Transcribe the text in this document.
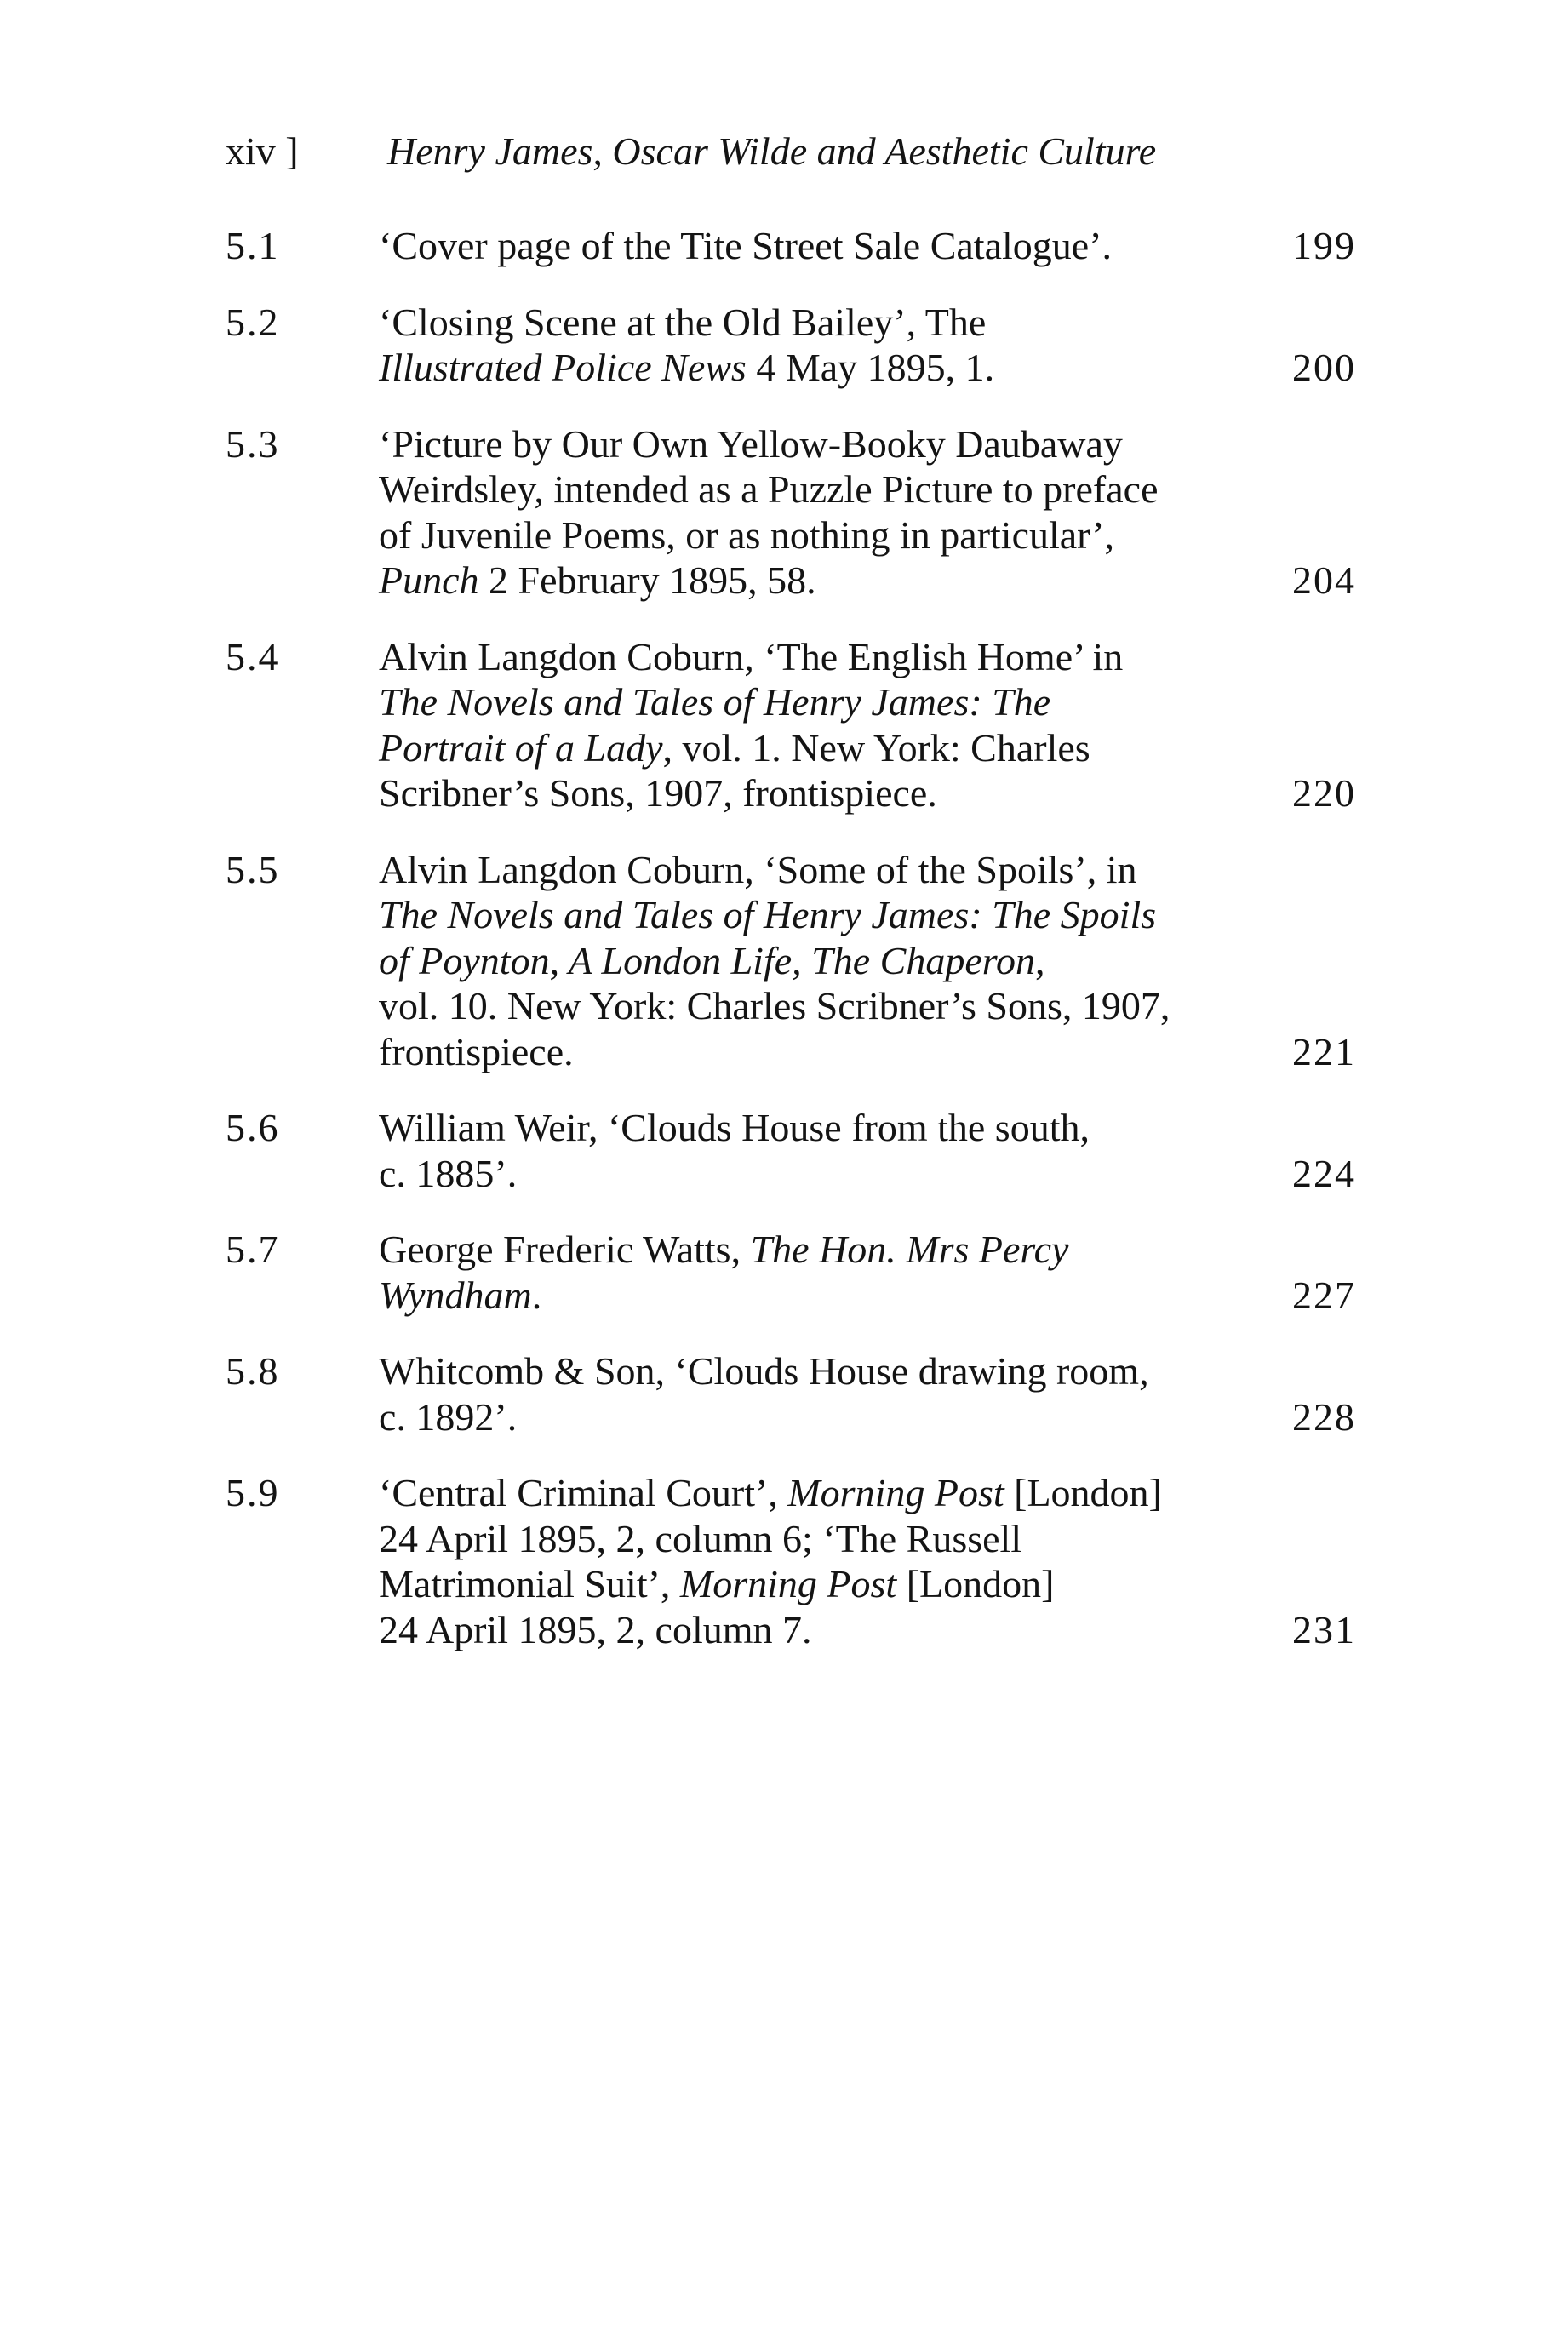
xiv ] Henry James, Oscar Wilde and Aesthetic Culture
5.1	‘Cover page of the Tite Street Sale Catalogue’.	199
5.2	‘Closing Scene at the Old Bailey’, The
Illustrated Police News 4 May 1895, 1.	200
5.3	‘Picture by Our Own Yellow-Booky Daubaway
Weirdsley, intended as a Puzzle Picture to preface
of Juvenile Poems, or as nothing in particular’,
Punch 2 February 1895, 58.	204
5.4	Alvin Langdon Coburn, ‘The English Home’ in
The Novels and Tales of Henry James: The
Portrait of a Lady, vol. 1. New York: Charles
Scribner’s Sons, 1907, frontispiece.	220
5.5	Alvin Langdon Coburn, ‘Some of the Spoils’, in
The Novels and Tales of Henry James: The Spoils
of Poynton, A London Life, The Chaperon,
vol. 10. New York: Charles Scribner’s Sons, 1907,
frontispiece.	221
5.6	William Weir, ‘Clouds House from the south,
c. 1885’.	224
5.7	George Frederic Watts, The Hon. Mrs Percy
Wyndham.	227
5.8	Whitcomb & Son, ‘Clouds House drawing room,
c. 1892’.	228
5.9	‘Central Criminal Court’, Morning Post [London]
24 April 1895, 2, column 6; ‘The Russell
Matrimonial Suit’, Morning Post [London]
24 April 1895, 2, column 7.	231
